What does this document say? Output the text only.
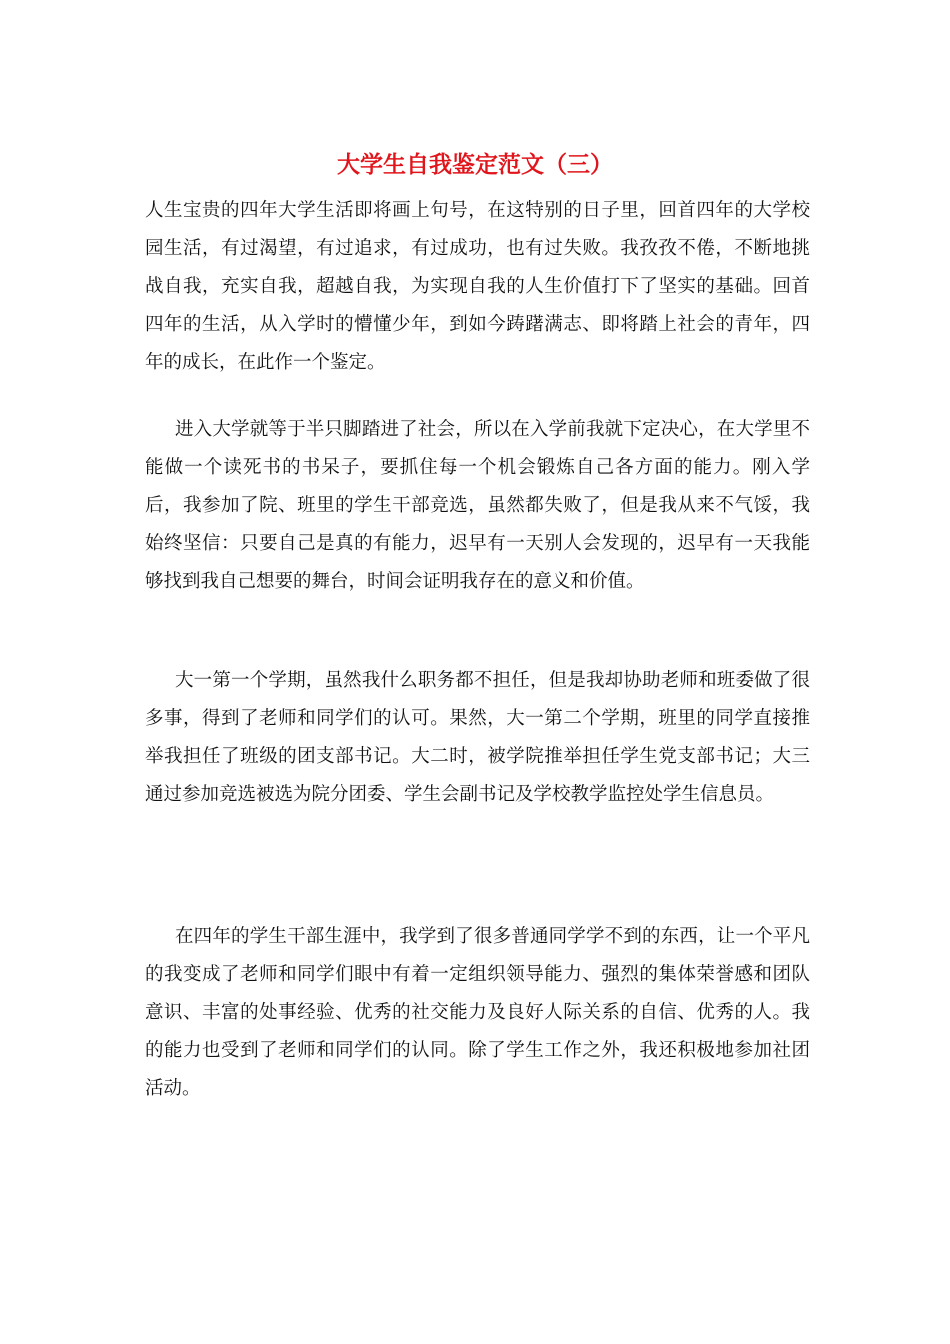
大学生自我鉴定范文（三）

人生宝贵的四年大学生活即将画上句号，在这特别的日子里，回首四年的大学校园生活，有过渴望，有过追求，有过成功，也有过失败。我孜孜不倦，不断地挑战自我，充实自我，超越自我，为实现自我的人生价值打下了坚实的基础。回首四年的生活，从入学时的懵懂少年，到如今踌躇满志、即将踏上社会的青年，四年的成长，在此作一个鉴定。

进入大学就等于半只脚踏进了社会，所以在入学前我就下定决心，在大学里不能做一个读死书的书呆子，要抓住每一个机会锻炼自己各方面的能力。刚入学后，我参加了院、班里的学生干部竞选，虽然都失败了，但是我从来不气馁，我始终坚信：只要自己是真的有能力，迟早有一天别人会发现的，迟早有一天我能够找到我自己想要的舞台，时间会证明我存在的意义和价值。

大一第一个学期，虽然我什么职务都不担任，但是我却协助老师和班委做了很多事，得到了老师和同学们的认可。果然，大一第二个学期，班里的同学直接推举我担任了班级的团支部书记。大二时，被学院推举担任学生党支部书记；大三通过参加竞选被选为院分团委、学生会副书记及学校教学监控处学生信息员。

在四年的学生干部生涯中，我学到了很多普通同学学不到的东西，让一个平凡的我变成了老师和同学们眼中有着一定组织领导能力、强烈的集体荣誉感和团队意识、丰富的处事经验、优秀的社交能力及良好人际关系的自信、优秀的人。我的能力也受到了老师和同学们的认同。除了学生工作之外，我还积极地参加社团活动。
